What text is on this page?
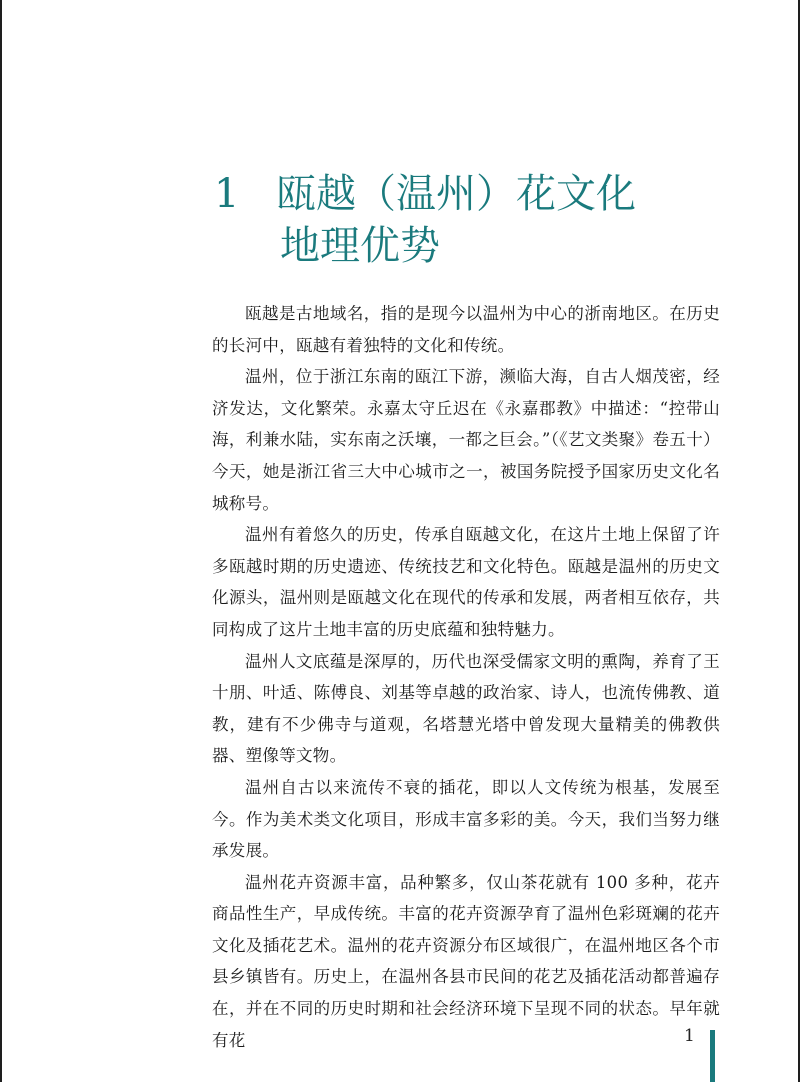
1 瓯越（温州）花文化
地理优势

瓯越是古地域名，指的是现今以温州为中心的浙南地区。在历史的长河中，瓯越有着独特的文化和传统。

温州，位于浙江东南的瓯江下游，濒临大海，自古人烟茂密，经济发达，文化繁荣。永嘉太守丘迟在《永嘉郡教》中描述：“控带山海，利兼水陆，实东南之沃壤，一都之巨会。”（《艺文类聚》卷五十）今天，她是浙江省三大中心城市之一，被国务院授予国家历史文化名城称号。

温州有着悠久的历史，传承自瓯越文化，在这片土地上保留了许多瓯越时期的历史遗迹、传统技艺和文化特色。瓯越是温州的历史文化源头，温州则是瓯越文化在现代的传承和发展，两者相互依存，共同构成了这片土地丰富的历史底蕴和独特魅力。

温州人文底蕴是深厚的，历代也深受儒家文明的熏陶，养育了王十朋、叶适、陈傅良、刘基等卓越的政治家、诗人，也流传佛教、道教，建有不少佛寺与道观，名塔慧光塔中曾发现大量精美的佛教供器、塑像等文物。

温州自古以来流传不衰的插花，即以人文传统为根基，发展至今。作为美术类文化项目，形成丰富多彩的美。今天，我们当努力继承发展。

温州花卉资源丰富，品种繁多，仅山茶花就有 100 多种，花卉商品性生产，早成传统。丰富的花卉资源孕育了温州色彩斑斓的花卉文化及插花艺术。温州的花卉资源分布区域很广，在温州地区各个市县乡镇皆有。历史上，在温州各县市民间的花艺及插花活动都普遍存在，并在不同的历史时期和社会经济环境下呈现不同的状态。早年就有花	1
